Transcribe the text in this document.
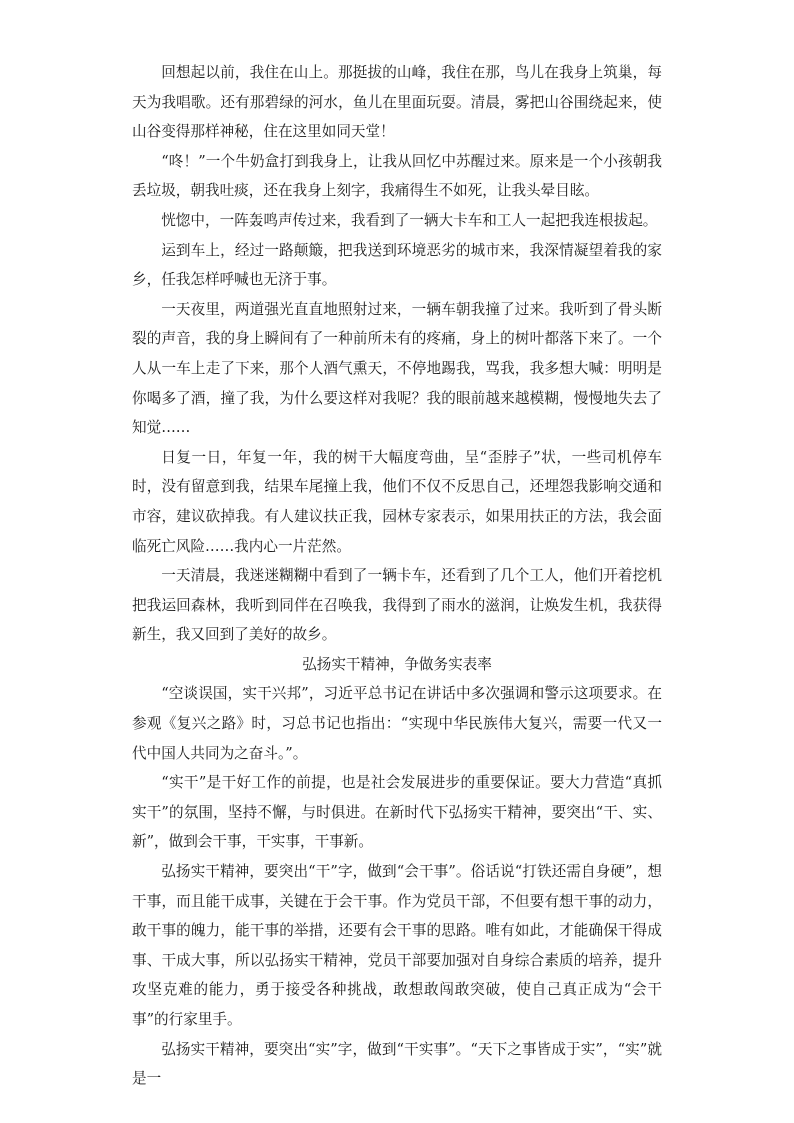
回想起以前，我住在山上。那挺拔的山峰，我住在那，鸟儿在我身上筑巢，每天为我唱歌。还有那碧绿的河水，鱼儿在里面玩耍。清晨，雾把山谷围绕起来，使山谷变得那样神秘，住在这里如同天堂！

“咚！”一个牛奶盒打到我身上，让我从回忆中苏醒过来。原来是一个小孩朝我丢垃圾，朝我吐痰，还在我身上刻字，我痛得生不如死，让我头晕目眩。

恍惚中，一阵轰鸣声传过来，我看到了一辆大卡车和工人一起把我连根拔起。

运到车上，经过一路颠簸，把我送到环境恶劣的城市来，我深情凝望着我的家乡，任我怎样呼喊也无济于事。

一天夜里，两道强光直直地照射过来，一辆车朝我撞了过来。我听到了骨头断裂的声音，我的身上瞬间有了一种前所未有的疼痛，身上的树叶都落下来了。一个人从一车上走了下来，那个人酒气熏天，不停地踢我，骂我，我多想大喊：明明是你喝多了酒，撞了我，为什么要这样对我呢？我的眼前越来越模糊，慢慢地失去了知觉……

日复一日，年复一年，我的树干大幅度弯曲，呈“歪脖子”状，一些司机停车时，没有留意到我，结果车尾撞上我，他们不仅不反思自己，还埋怨我影响交通和市容，建议砍掉我。有人建议扶正我，园林专家表示，如果用扶正的方法，我会面临死亡风险……我内心一片茫然。

一天清晨，我迷迷糊糊中看到了一辆卡车，还看到了几个工人，他们开着挖机把我运回森林，我听到同伴在召唤我，我得到了雨水的滋润，让焕发生机，我获得新生，我又回到了美好的故乡。

弘扬实干精神，争做务实表率

“空谈误国，实干兴邦”，习近平总书记在讲话中多次强调和警示这项要求。在参观《复兴之路》时，习总书记也指出：“实现中华民族伟大复兴，需要一代又一代中国人共同为之奋斗。”。

“实干”是干好工作的前提，也是社会发展进步的重要保证。要大力营造“真抓实干”的氛围，坚持不懈，与时俱进。在新时代下弘扬实干精神，要突出“干、实、新”，做到会干事，干实事，干事新。

弘扬实干精神，要突出“干”字，做到“会干事”。俗话说“打铁还需自身硬”，想干事，而且能干成事，关键在于会干事。作为党员干部，不但要有想干事的动力，敢干事的魄力，能干事的举措，还要有会干事的思路。唯有如此，才能确保干得成事、干成大事，所以弘扬实干精神，党员干部要加强对自身综合素质的培养，提升攻坚克难的能力，勇于接受各种挑战，敢想敢闯敢突破，使自己真正成为“会干事”的行家里手。

弘扬实干精神，要突出“实”字，做到“干实事”。“天下之事皆成于实”，“实”就是一
